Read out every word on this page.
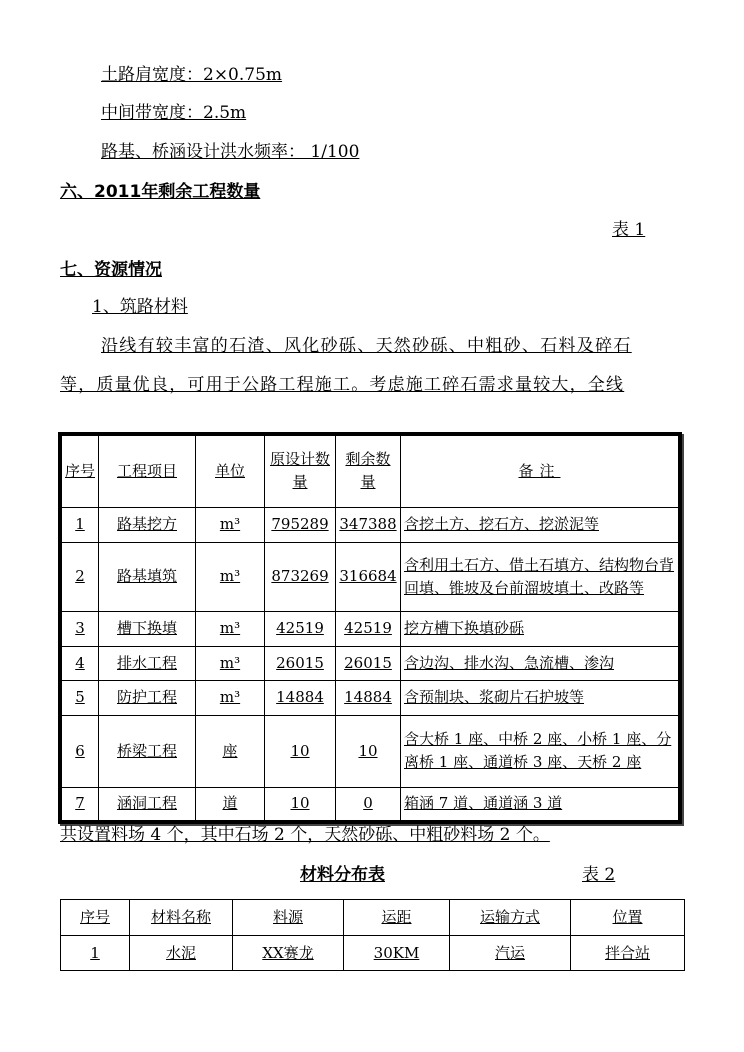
土路肩宽度：2×0.75m
中间带宽度：2.5m
路基、桥涵设计洪水频率： 1/100
六、2011年剩余工程数量
表 1
七、资源情况
1、筑路材料
沿线有较丰富的石渣、风化砂砾、天然砂砾、中粗砂、石料及碎石
等，质量优良，可用于公路工程施工。考虑施工碎石需求量较大，全线
序号	工程项目	单位	原设计数量	剩余数量	备注
1	路基挖方	m³	795289	347388	含挖土方、挖石方、挖淤泥等
2	路基填筑	m³	873269	316684	含利用土石方、借土石填方、结构物台背回填、锥坡及台前溜坡填土、改路等
3	槽下换填	m³	42519	42519	挖方槽下换填砂砾
4	排水工程	m³	26015	26015	含边沟、排水沟、急流槽、渗沟
5	防护工程	m³	14884	14884	含预制块、浆砌片石护坡等
6	桥梁工程	座	10	10	含大桥 1 座、中桥 2 座、小桥 1 座、分离桥 1 座、通道桥 3 座、天桥 2 座
7	涵洞工程	道	10	0	箱涵 7 道、通道涵 3 道
共设置料场 4 个，其中石场 2 个，天然砂砾、中粗砂料场 2 个。
材料分布表	表 2
序号	材料名称	料源	运距	运输方式	位置
1	水泥	XX赛龙	30KM	汽运	拌合站
